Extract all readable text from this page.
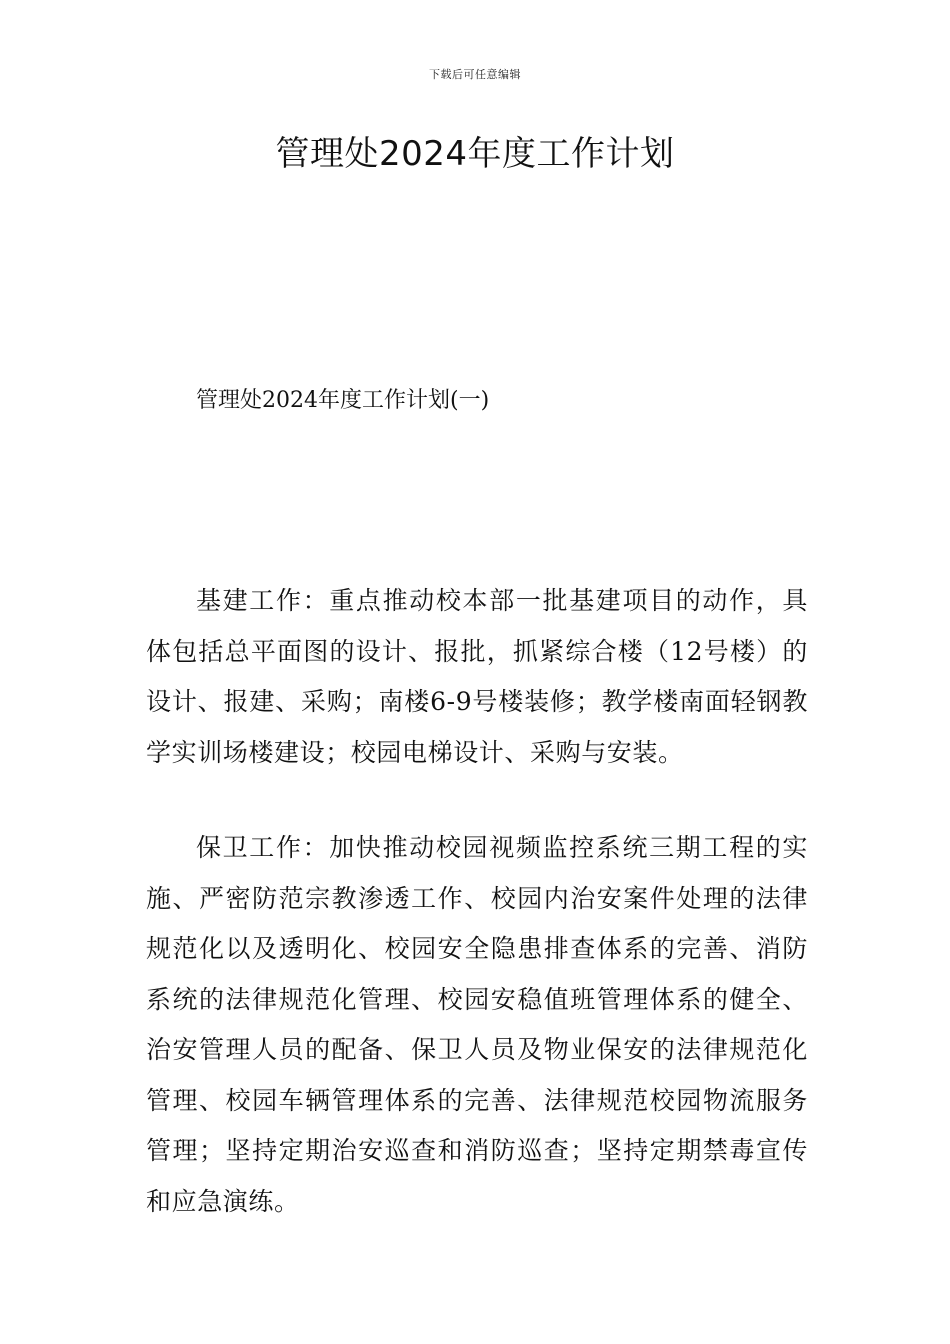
下载后可任意编辑
管理处2024年度工作计划

管理处2024年度工作计划(一)

基建工作：重点推动校本部一批基建项目的动作，具体包括总平面图的设计、报批，抓紧综合楼（12号楼）的设计、报建、采购；南楼6-9号楼装修；教学楼南面轻钢教学实训场楼建设；校园电梯设计、采购与安装。

保卫工作：加快推动校园视频监控系统三期工程的实施、严密防范宗教渗透工作、校园内治安案件处理的法律规范化以及透明化、校园安全隐患排查体系的完善、消防系统的法律规范化管理、校园安稳值班管理体系的健全、治安管理人员的配备、保卫人员及物业保安的法律规范化管理、校园车辆管理体系的完善、法律规范校园物流服务管理；坚持定期治安巡查和消防巡查；坚持定期禁毒宣传和应急演练。
